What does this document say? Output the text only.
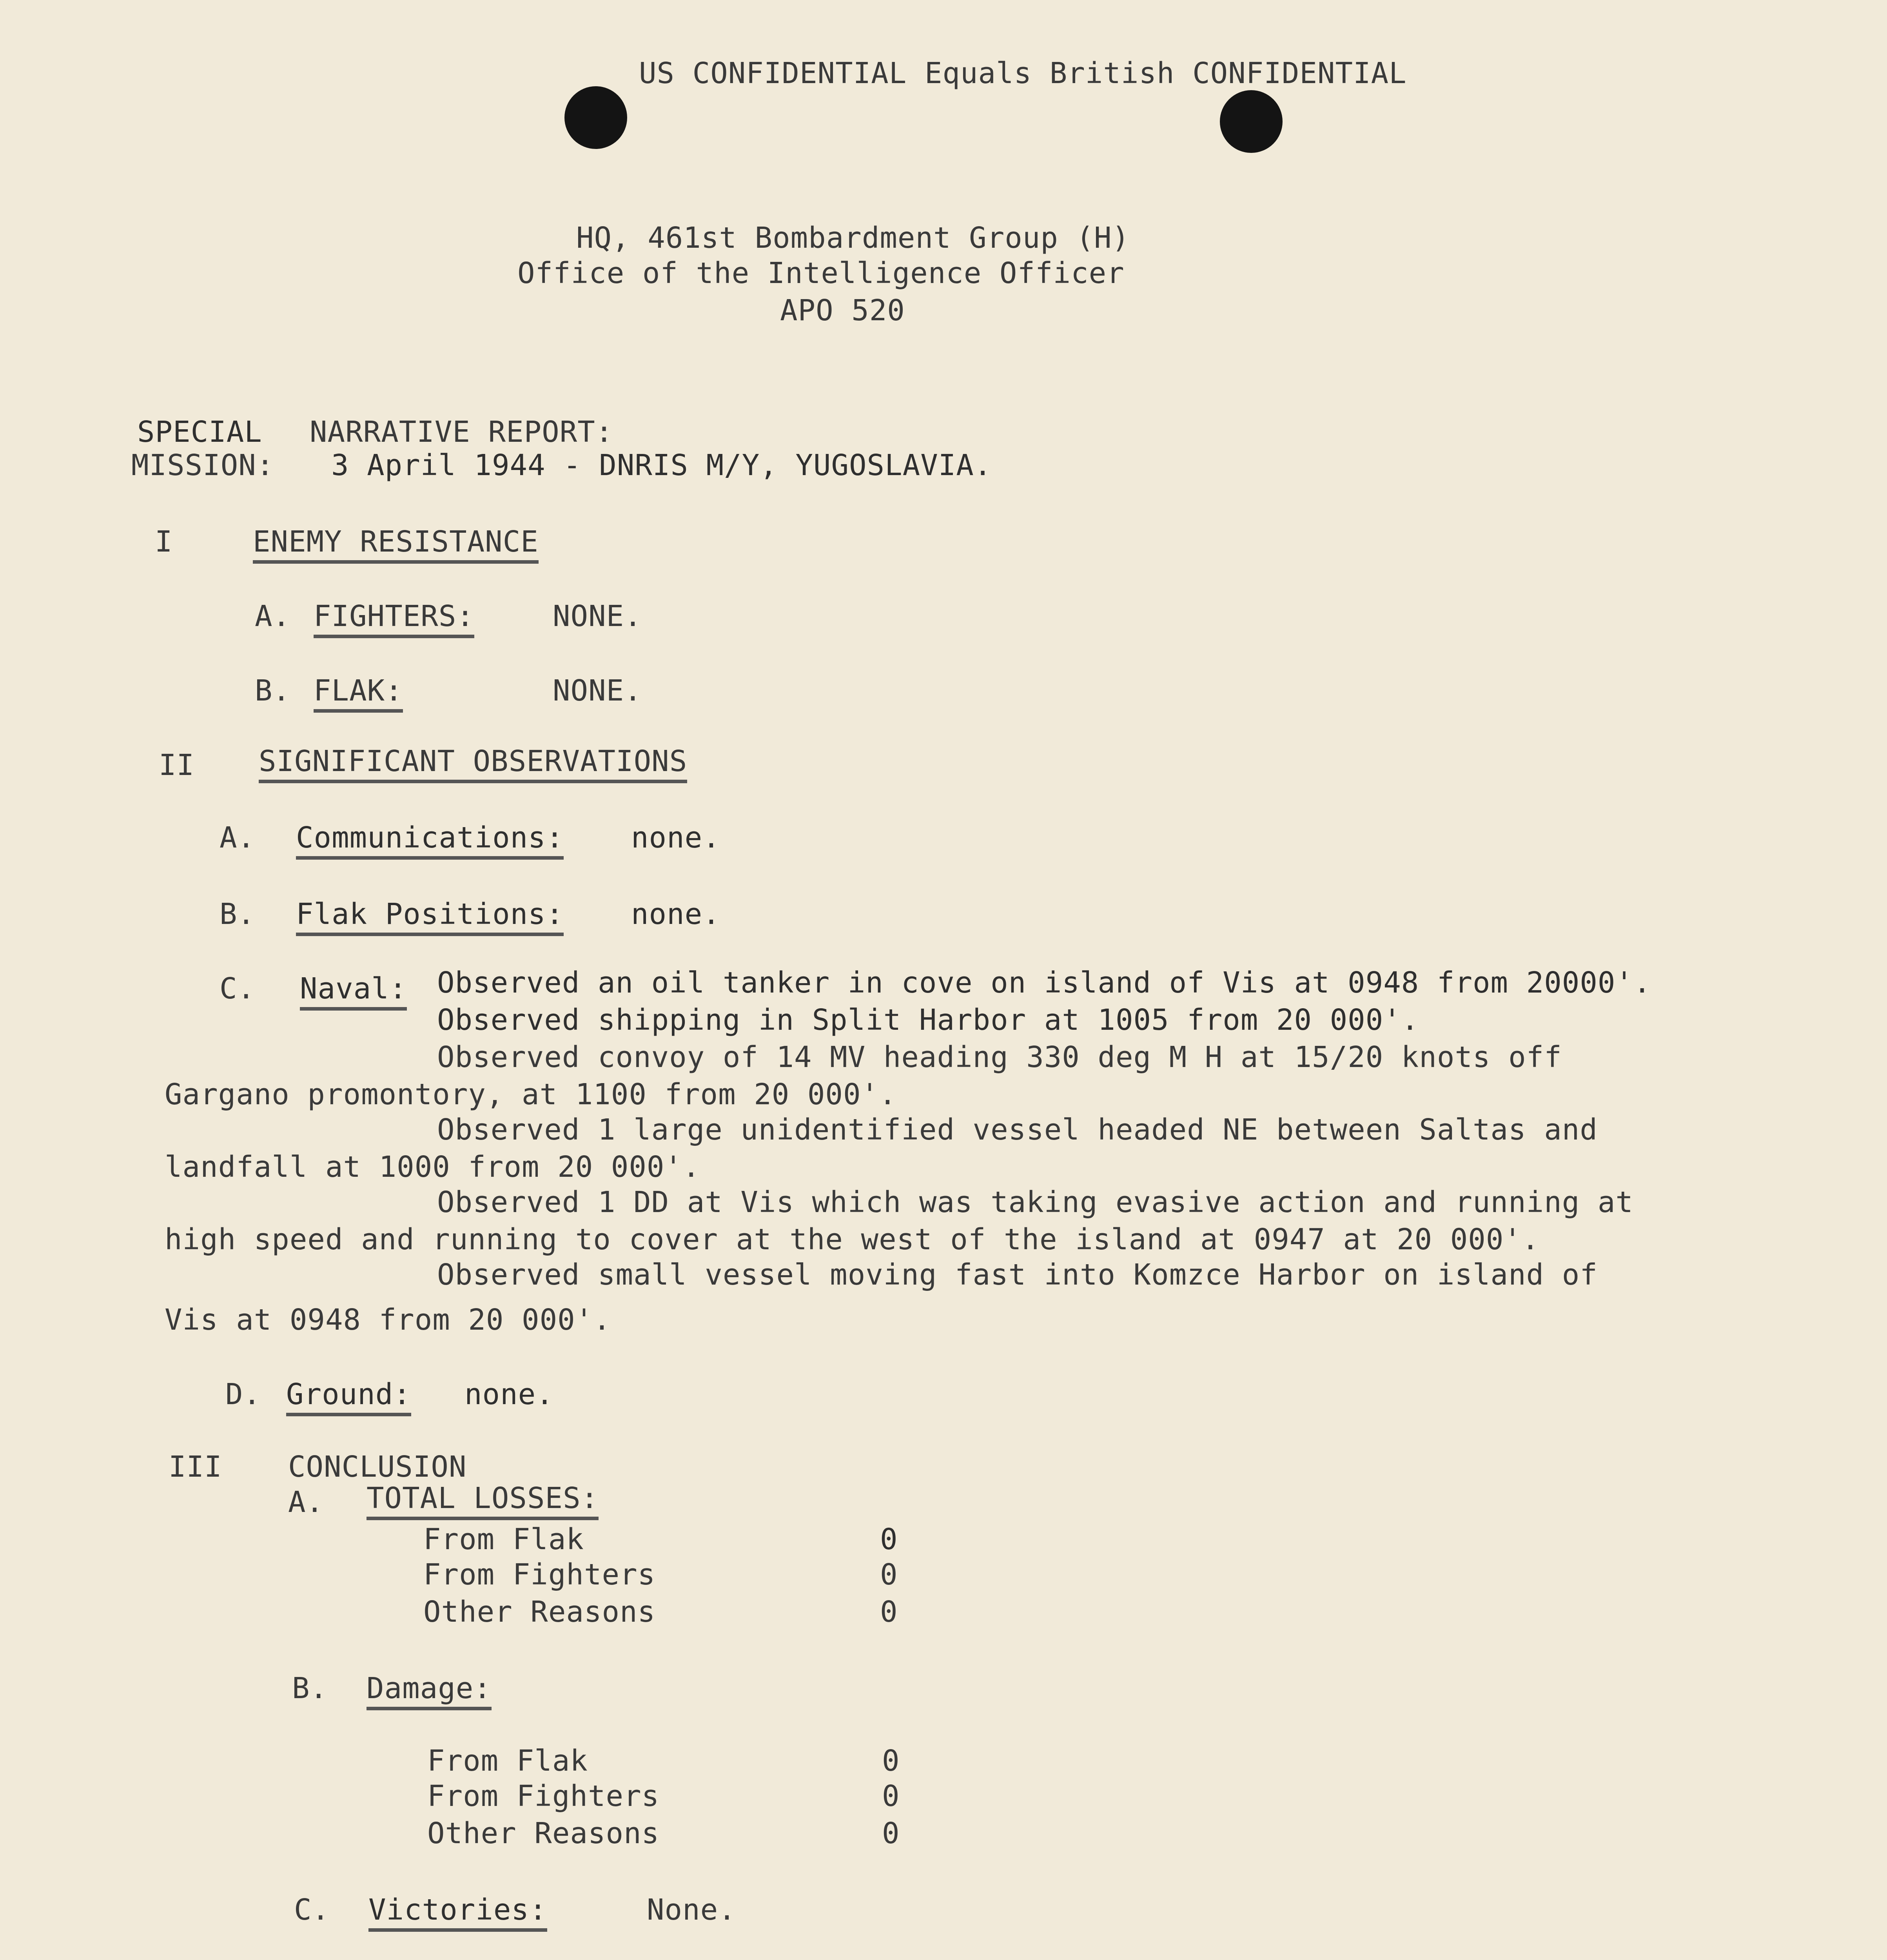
US CONFIDENTIAL Equals British CONFIDENTIAL
HQ, 461st Bombardment Group (H)
Office of the Intelligence Officer
APO 520
SPECIAL NARRATIVE REPORT:
MISSION: 3 April 1944 - DNRIS M/Y, YUGOSLAVIA.
I	ENEMY RESISTANCE
A. FIGHTERS:	NONE.
B. FLAK:	NONE.
II SIGNIFICANT OBSERVATIONS
A. Communications: none.
B. Flak Positions: none.
C. Naval: Observed an oil tanker in cove on island of Vis at 0948 from 20000'.
Observed shipping in Split Harbor at 1005 from 20 000'.
Observed convoy of 14 MV heading 330 deg M H at 15/20 knots off
Gargano promontory, at 1100 from 20 000'.
Observed 1 large unidentified vessel headed NE between Saltas and
landfall at 1000 from 20 000'.
Observed 1 DD at Vis which was taking evasive action and running at
high speed and running to cover at the west of the island at 0947 at 20 000'.
Observed small vessel moving fast into Komzce Harbor on island of
Vis at 0948 from 20 000'.
D. Ground: none.
III CONCLUSION
A. TOTAL LOSSES:
From Flak	0
From Fighters	0
Other Reasons	0
B. Damage:
From Flak	0
From Fighters	0
Other Reasons	0
C. Victories:	None.
